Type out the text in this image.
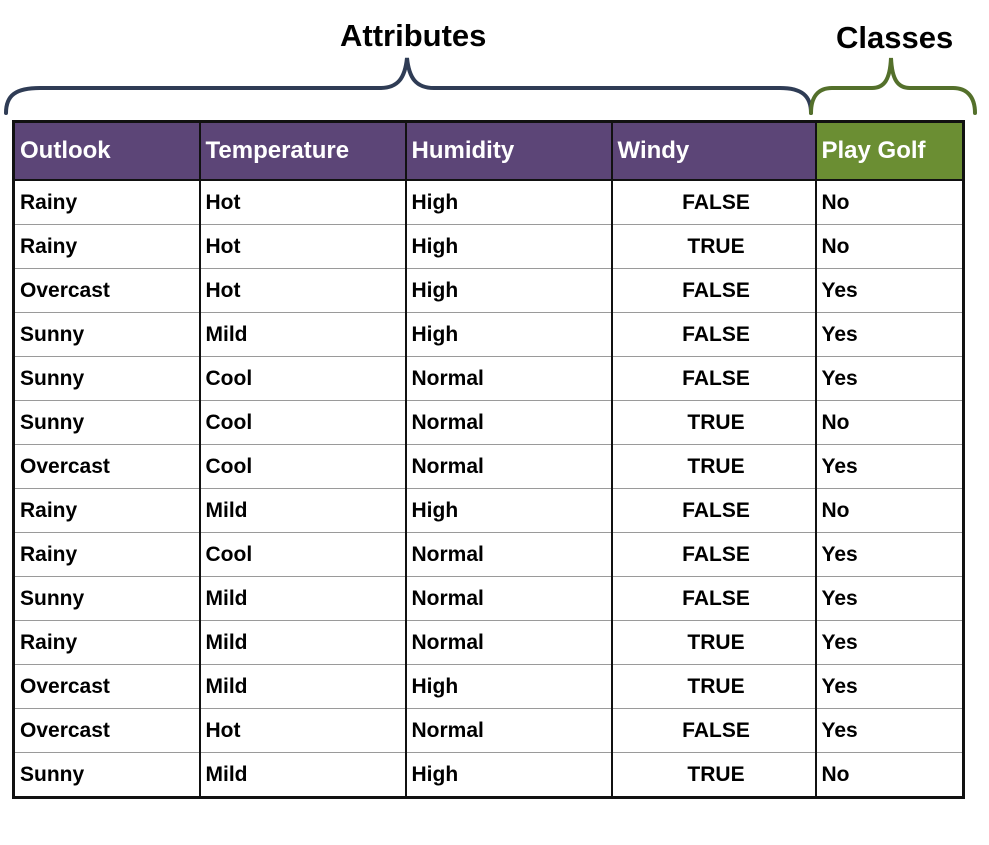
Attributes	Classes
Outlook	Temperature	Humidity	Windy	Play Golf
Rainy	Hot	High	FALSE	No
Rainy	Hot	High	TRUE	No
Overcast	Hot	High	FALSE	Yes
Sunny	Mild	High	FALSE	Yes
Sunny	Cool	Normal	FALSE	Yes
Sunny	Cool	Normal	TRUE	No
Overcast	Cool	Normal	TRUE	Yes
Rainy	Mild	High	FALSE	No
Rainy	Cool	Normal	FALSE	Yes
Sunny	Mild	Normal	FALSE	Yes
Rainy	Mild	Normal	TRUE	Yes
Overcast	Mild	High	TRUE	Yes
Overcast	Hot	Normal	FALSE	Yes
Sunny	Mild	High	TRUE	No
